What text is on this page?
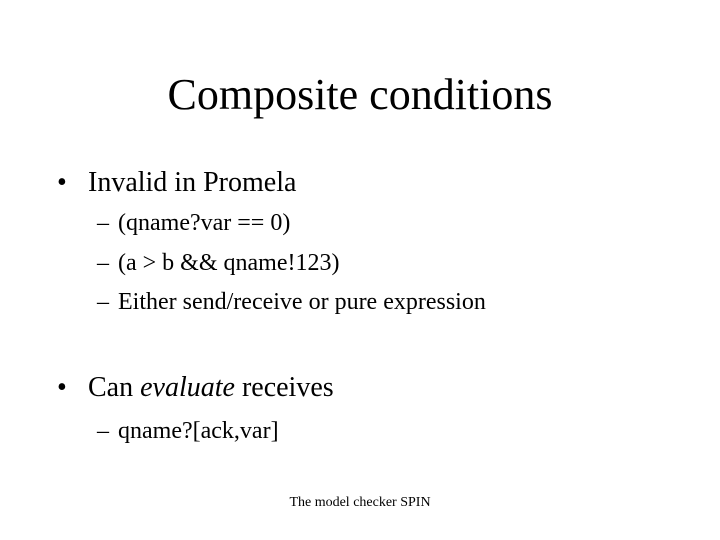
Composite conditions
• Invalid in Promela
– (qname?var == 0)
– (a > b && qname!123)
– Either send/receive or pure expression
• Can evaluate receives
– qname?[ack,var]
The model checker SPIN
